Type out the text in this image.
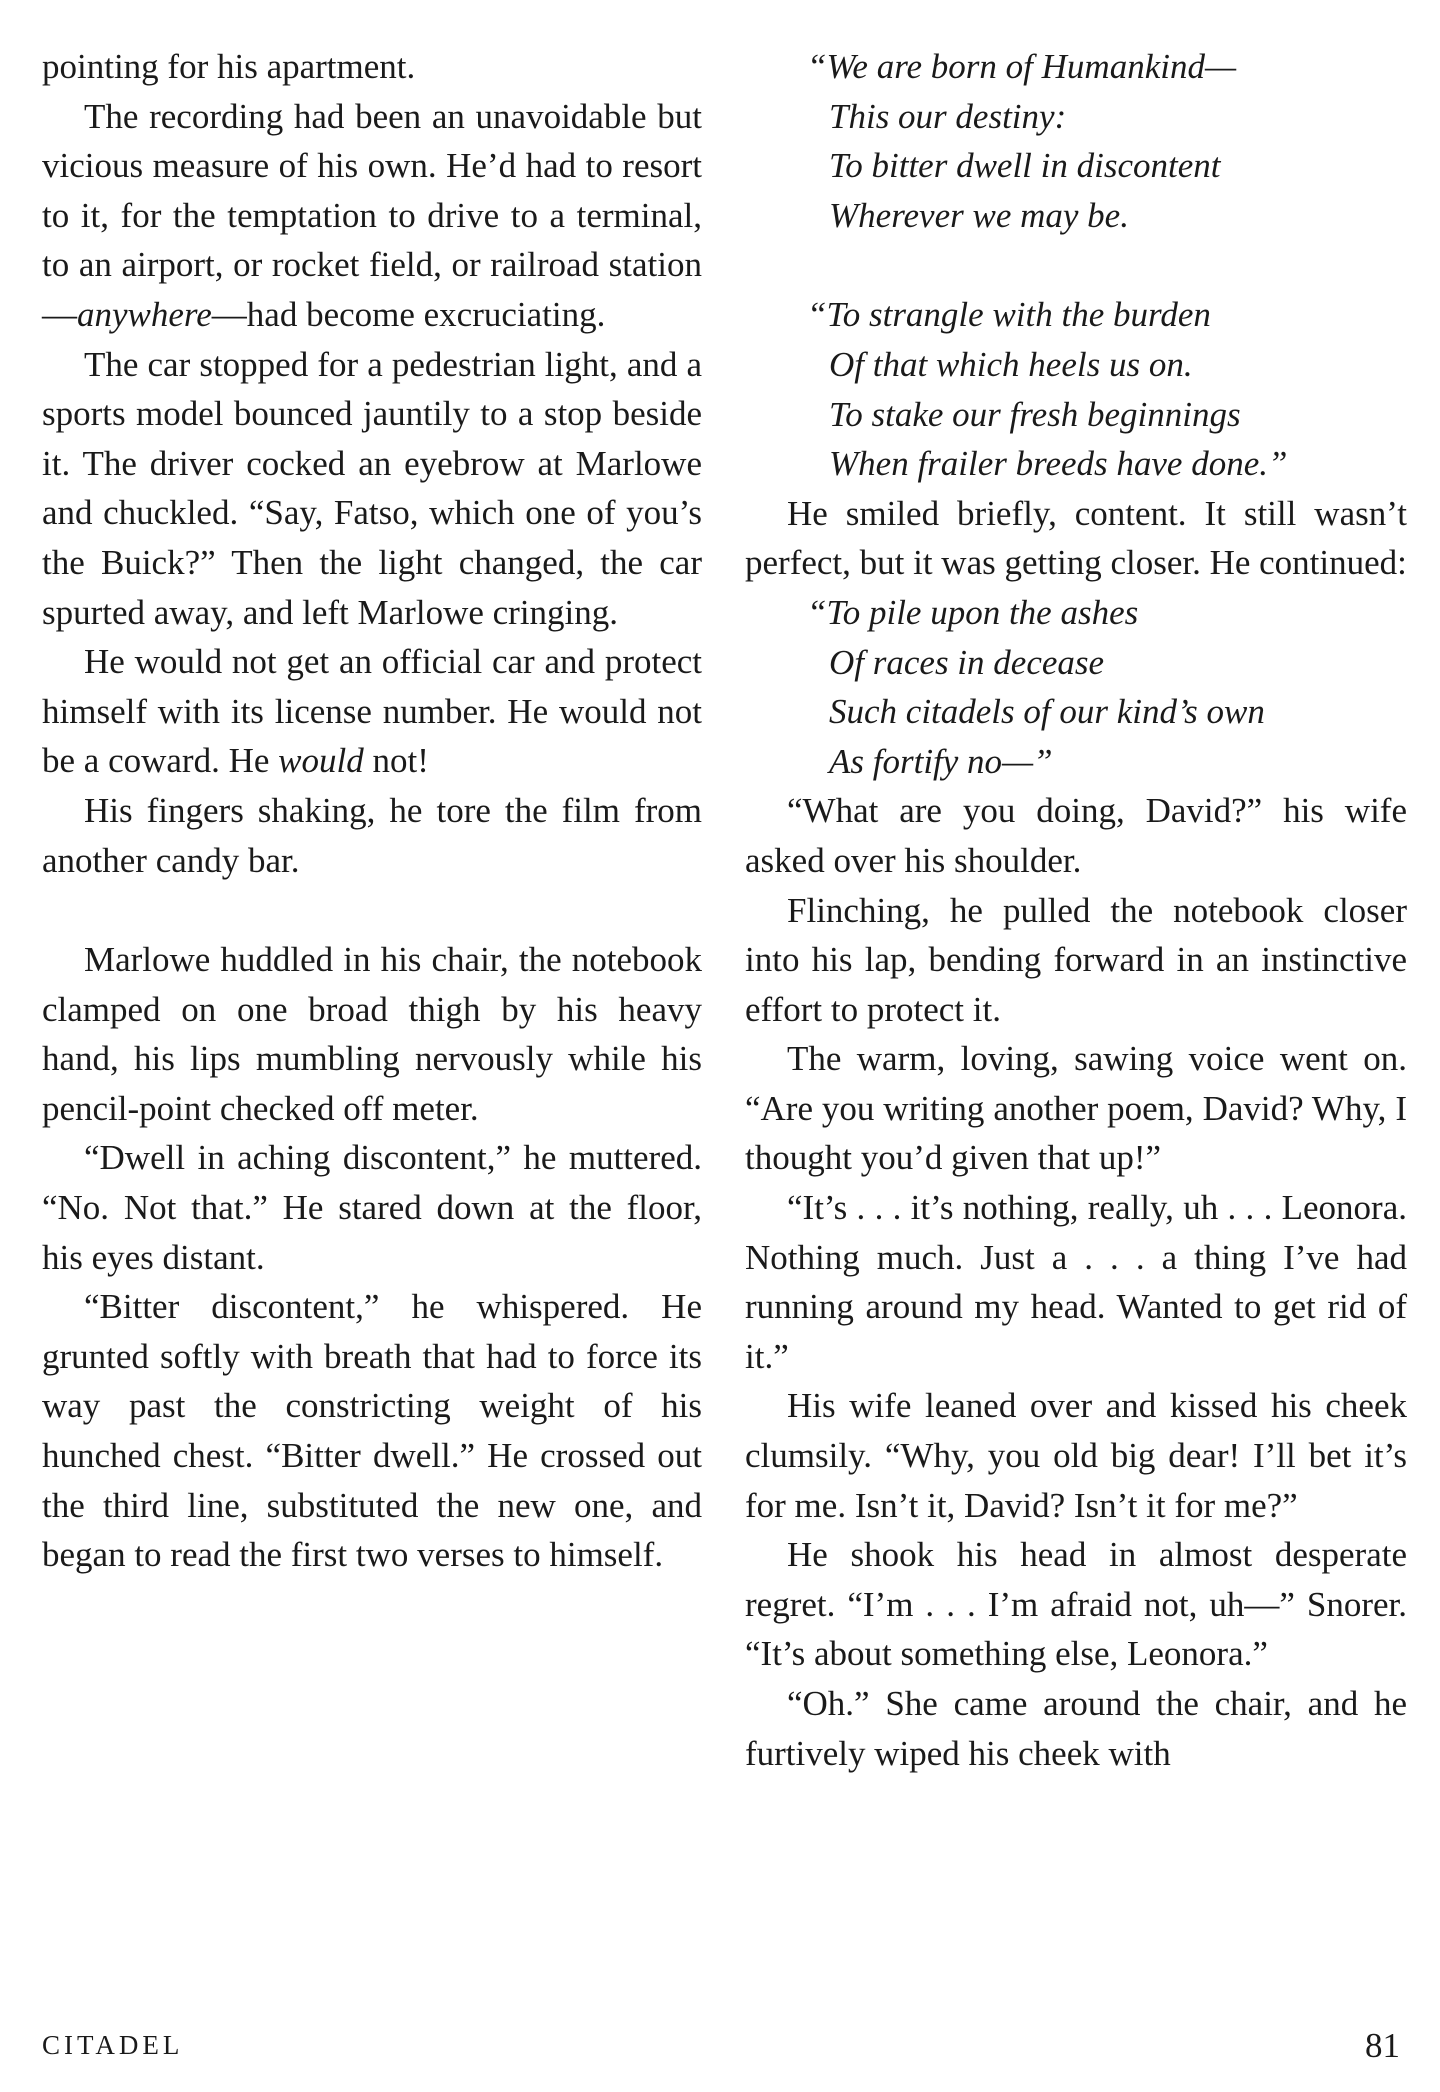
pointing for his apartment.

The recording had been an unavoidable but vicious measure of his own. He’d had to resort to it, for the temptation to drive to a terminal, to an airport, or rocket field, or railroad station—anywhere—had become excruciating.

The car stopped for a pedestrian light, and a sports model bounced jauntily to a stop beside it. The driver cocked an eyebrow at Marlowe and chuckled. “Say, Fatso, which one of you’s the Buick?” Then the light changed, the car spurted away, and left Marlowe cringing.

He would not get an official car and protect himself with its license number. He would not be a coward. He would not!

His fingers shaking, he tore the film from another candy bar.

Marlowe huddled in his chair, the notebook clamped on one broad thigh by his heavy hand, his lips mumbling nervously while his pencil-point checked off meter.

“Dwell in aching discontent,” he muttered. “No. Not that.” He stared down at the floor, his eyes distant.

“Bitter discontent,” he whispered. He grunted softly with breath that had to force its way past the constricting weight of his hunched chest. “Bitter dwell.” He crossed out the third line, substituted the new one, and began to read the first two verses to himself.

“We are born of Humankind—
This our destiny:
To bitter dwell in discontent
Wherever we may be.
“To strangle with the burden
Of that which heels us on.
To stake our fresh beginnings
When frailer breeds have done.”

He smiled briefly, content. It still wasn’t perfect, but it was getting closer. He continued:

“To pile upon the ashes
Of races in decease
Such citadels of our kind’s own
As fortify no—”

“What are you doing, David?” his wife asked over his shoulder.

Flinching, he pulled the notebook closer into his lap, bending forward in an instinctive effort to protect it.

The warm, loving, sawing voice went on. “Are you writing another poem, David? Why, I thought you’d given that up!”

“It’s . . . it’s nothing, really, uh . . . Leonora. Nothing much. Just a . . . a thing I’ve had running around my head. Wanted to get rid of it.”

His wife leaned over and kissed his cheek clumsily. “Why, you old big dear! I’ll bet it’s for me. Isn’t it, David? Isn’t it for me?”

He shook his head in almost desperate regret. “I’m . . . I’m afraid not, uh—” Snorer. “It’s about something else, Leonora.”

“Oh.” She came around the chair, and he furtively wiped his cheek with

CITADEL	81
